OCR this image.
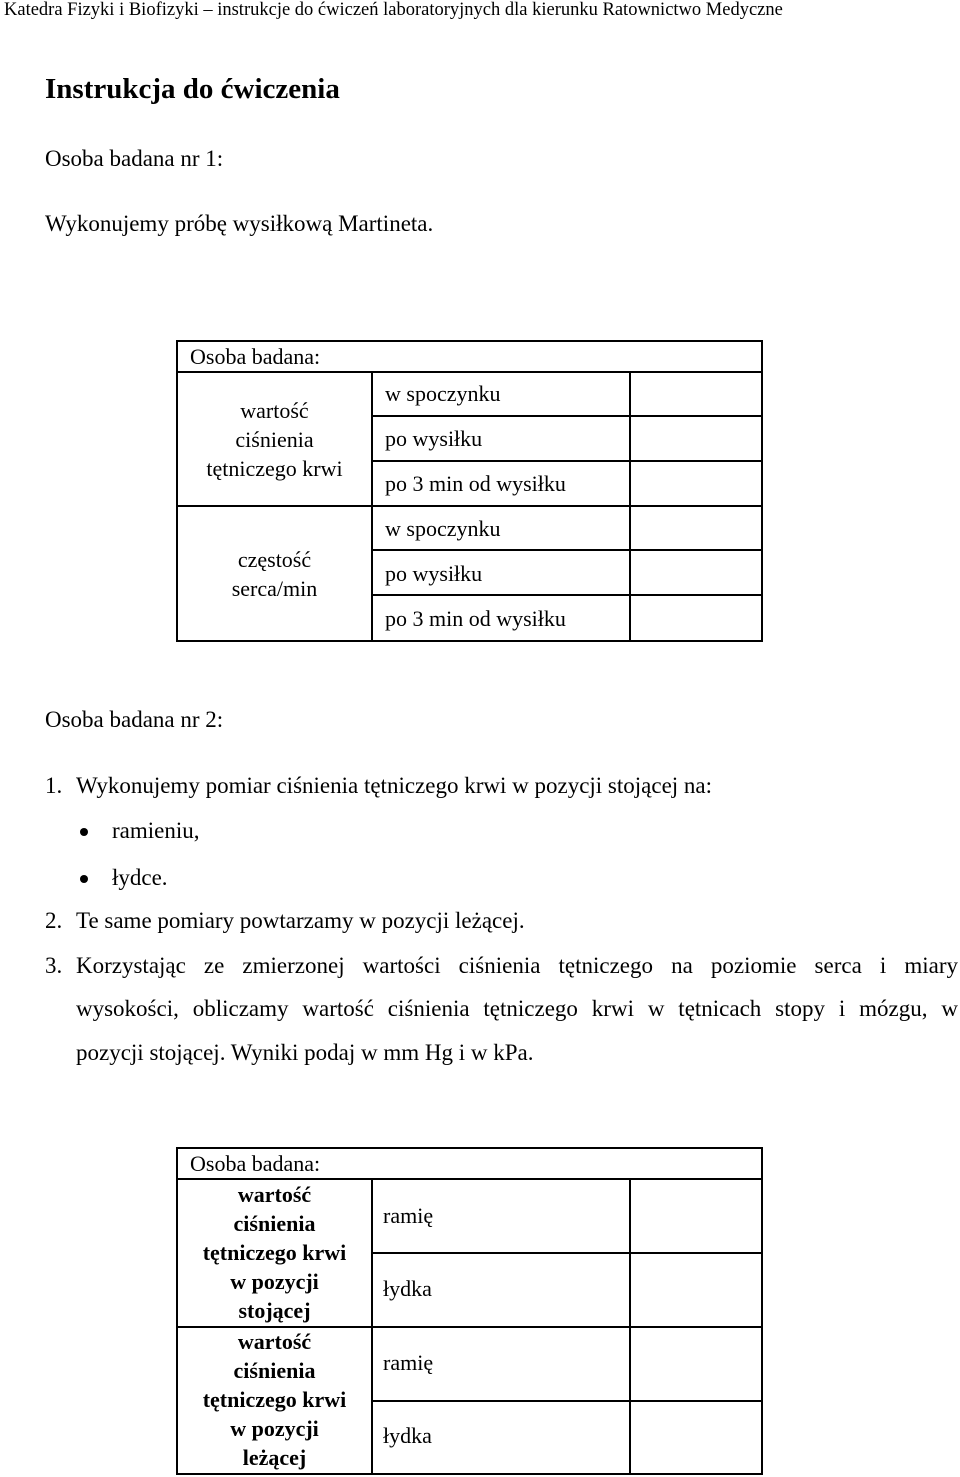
Katedra Fizyki i Biofizyki – instrukcje do ćwiczeń laboratoryjnych dla kierunku Ratownictwo Medyczne
Instrukcja do ćwiczenia
Osoba badana nr 1:
Wykonujemy próbę wysiłkową Martineta.
Osoba badana:
wartość
ciśnienia
tętniczego krwi
w spoczynku
po wysiłku
po 3 min od wysiłku
częstość
serca/min
w spoczynku
po wysiłku
po 3 min od wysiłku
Osoba badana nr 2:
1. Wykonujemy pomiar ciśnienia tętniczego krwi w pozycji stojącej na:
ramieniu,
łydce.
2. Te same pomiary powtarzamy w pozycji leżącej.
3. Korzystając ze zmierzonej wartości ciśnienia tętniczego na poziomie serca i miary
wysokości, obliczamy wartość ciśnienia tętniczego krwi w tętnicach stopy i mózgu, w
pozycji stojącej. Wyniki podaj w mm Hg i w kPa.
Osoba badana:
wartość
ciśnienia
tętniczego krwi
w pozycji
stojącej
ramię
łydka
wartość
ciśnienia
tętniczego krwi
w pozycji
leżącej
ramię
łydka
